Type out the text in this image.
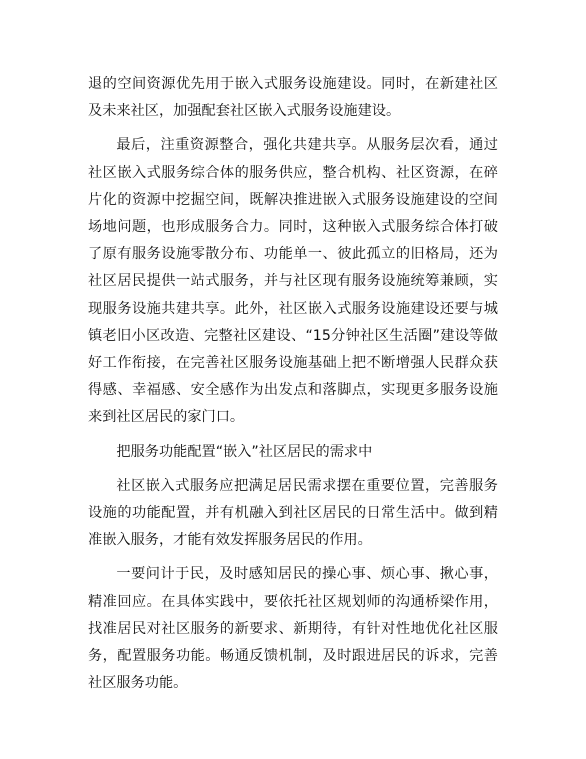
退的空间资源优先用于嵌入式服务设施建设。同时，在新建社区及未来社区，加强配套社区嵌入式服务设施建设。

最后，注重资源整合，强化共建共享。从服务层次看，通过社区嵌入式服务综合体的服务供应，整合机构、社区资源，在碎片化的资源中挖掘空间，既解决推进嵌入式服务设施建设的空间场地问题，也形成服务合力。同时，这种嵌入式服务综合体打破了原有服务设施零散分布、功能单一、彼此孤立的旧格局，还为社区居民提供一站式服务，并与社区现有服务设施统筹兼顾，实现服务设施共建共享。此外，社区嵌入式服务设施建设还要与城镇老旧小区改造、完整社区建设、“15分钟社区生活圈”建设等做好工作衔接，在完善社区服务设施基础上把不断增强人民群众获得感、幸福感、安全感作为出发点和落脚点，实现更多服务设施来到社区居民的家门口。

把服务功能配置“嵌入”社区居民的需求中

社区嵌入式服务应把满足居民需求摆在重要位置，完善服务设施的功能配置，并有机融入到社区居民的日常生活中。做到精准嵌入服务，才能有效发挥服务居民的作用。

一要问计于民，及时感知居民的操心事、烦心事、揪心事，精准回应。在具体实践中，要依托社区规划师的沟通桥梁作用，找准居民对社区服务的新要求、新期待，有针对性地优化社区服务，配置服务功能。畅通反馈机制，及时跟进居民的诉求，完善社区服务功能。
